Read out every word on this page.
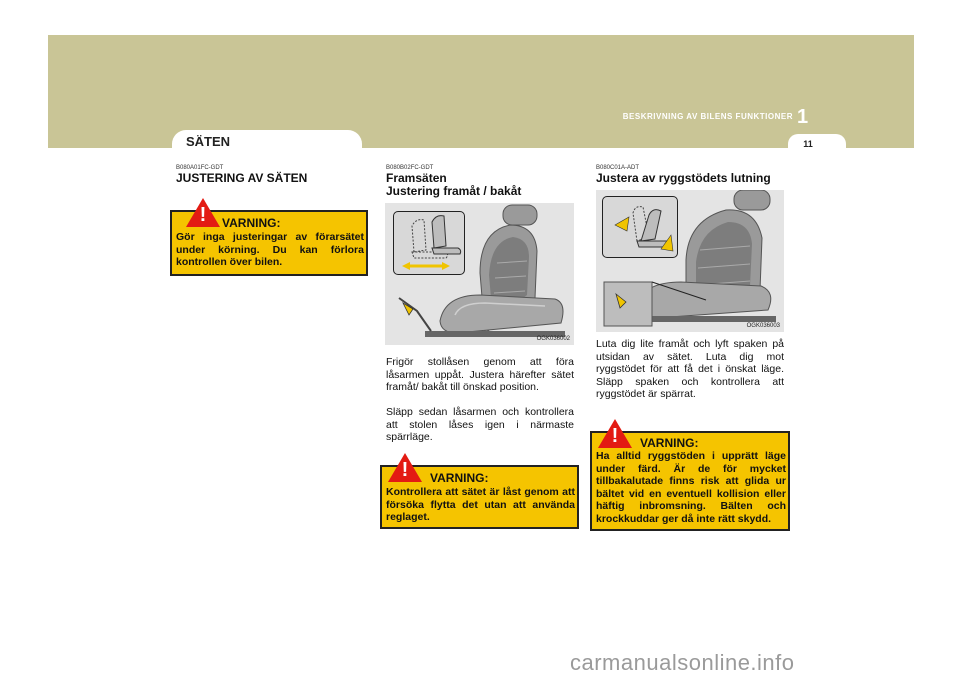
SÄTEN
BESKRIVNING AV BILENS FUNKTIONER 1
11
B080A01FC-GDT
JUSTERING AV SÄTEN
!	VARNING:

Gör inga justeringar av förarsätet under körning. Du kan förlora kontrollen över bilen.

B080B02FC-GDT
Framsäten
Justering framåt / bakåt
OGK036002

Frigör stollåsen genom att föra låsarmen uppåt. Justera härefter sätet framåt/ bakåt till önskad position.

Släpp sedan låsarmen och kontrollera att stolen låses igen i närmaste spärrläge.

!	VARNING:

Kontrollera att sätet är låst genom att försöka flytta det utan att använda reglaget.

B080C01A-ADT
Justera av ryggstödets lutning
OGK036003

Luta dig lite framåt och lyft spaken på utsidan av sätet. Luta dig mot ryggstödet för att få det i önskat läge. Släpp spaken och kontrollera att ryggstödet är spärrat.

!	VARNING:

Ha alltid ryggstöden i upprätt läge under färd. Är de för mycket tillbakalutade finns risk att glida ur bältet vid en eventuell kollision eller häftig inbromsning. Bälten och krockkuddar ger då inte rätt skydd.

carmanualsonline.info
